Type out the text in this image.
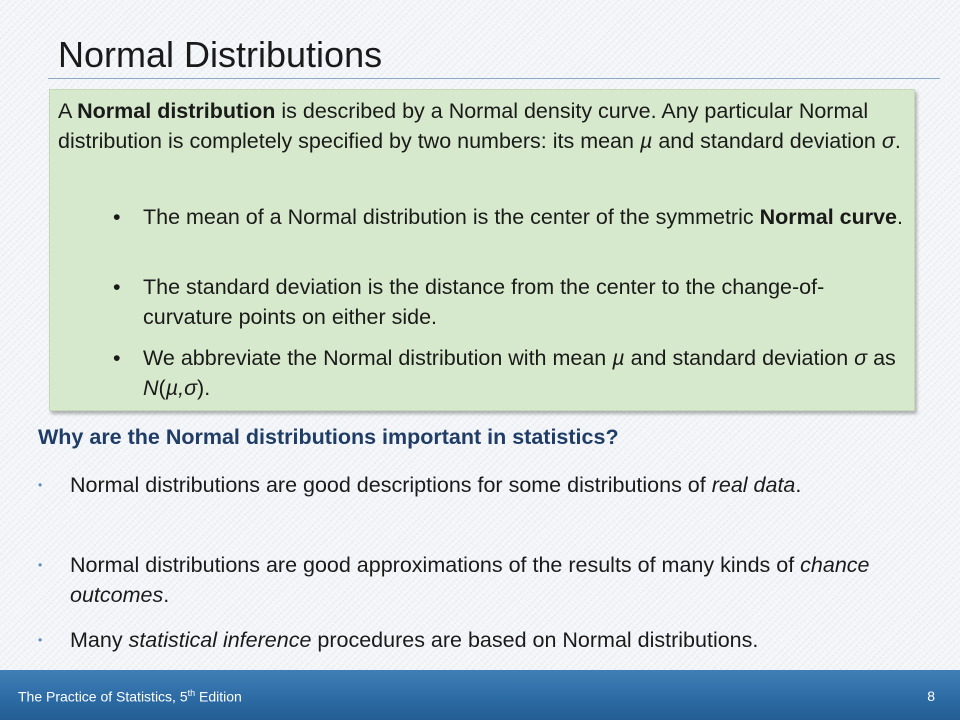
Normal Distributions

A Normal distribution is described by a Normal density curve. Any particular Normal distribution is completely specified by two numbers: its mean µ and standard deviation σ.

• The mean of a Normal distribution is the center of the symmetric Normal curve.
• The standard deviation is the distance from the center to the change-of-curvature points on either side.
• We abbreviate the Normal distribution with mean µ and standard deviation σ as N(µ,σ).

Why are the Normal distributions important in statistics?

• Normal distributions are good descriptions for some distributions of real data.
• Normal distributions are good approximations of the results of many kinds of chance outcomes.
• Many statistical inference procedures are based on Normal distributions.
The Practice of Statistics, 5th Edition	8
